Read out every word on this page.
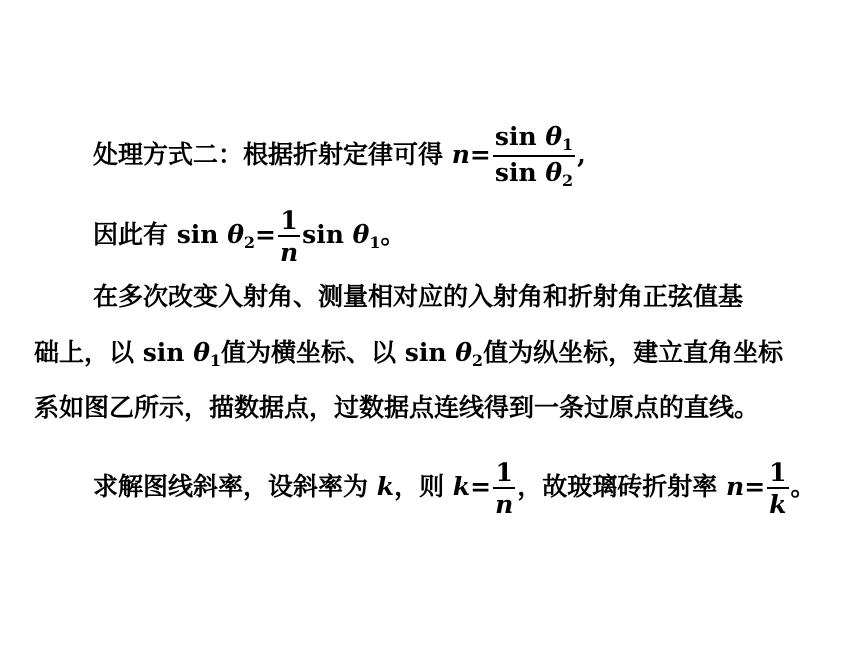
处理方式二：根据折射定律可得 $n= \frac{\sin \theta_1}{\sin \theta_2}$ ,
因此有 $\sin \theta_2= \frac{1}{n}$ $\sin \theta_1$。
在多次改变入射角、测量相对应的入射角和折射角正弦值基
础上，以 $\sin \theta_1$值为横坐标、以 $\sin \theta_2$值为纵坐标，建立直角坐标
系如图乙所示，描数据点，过数据点连线得到一条过原点的直线。
求解图线斜率，设斜率为 k，则 $k= \frac{1}{n}$ ，故玻璃砖折射率 $n= \frac{1}{k}$ 。
